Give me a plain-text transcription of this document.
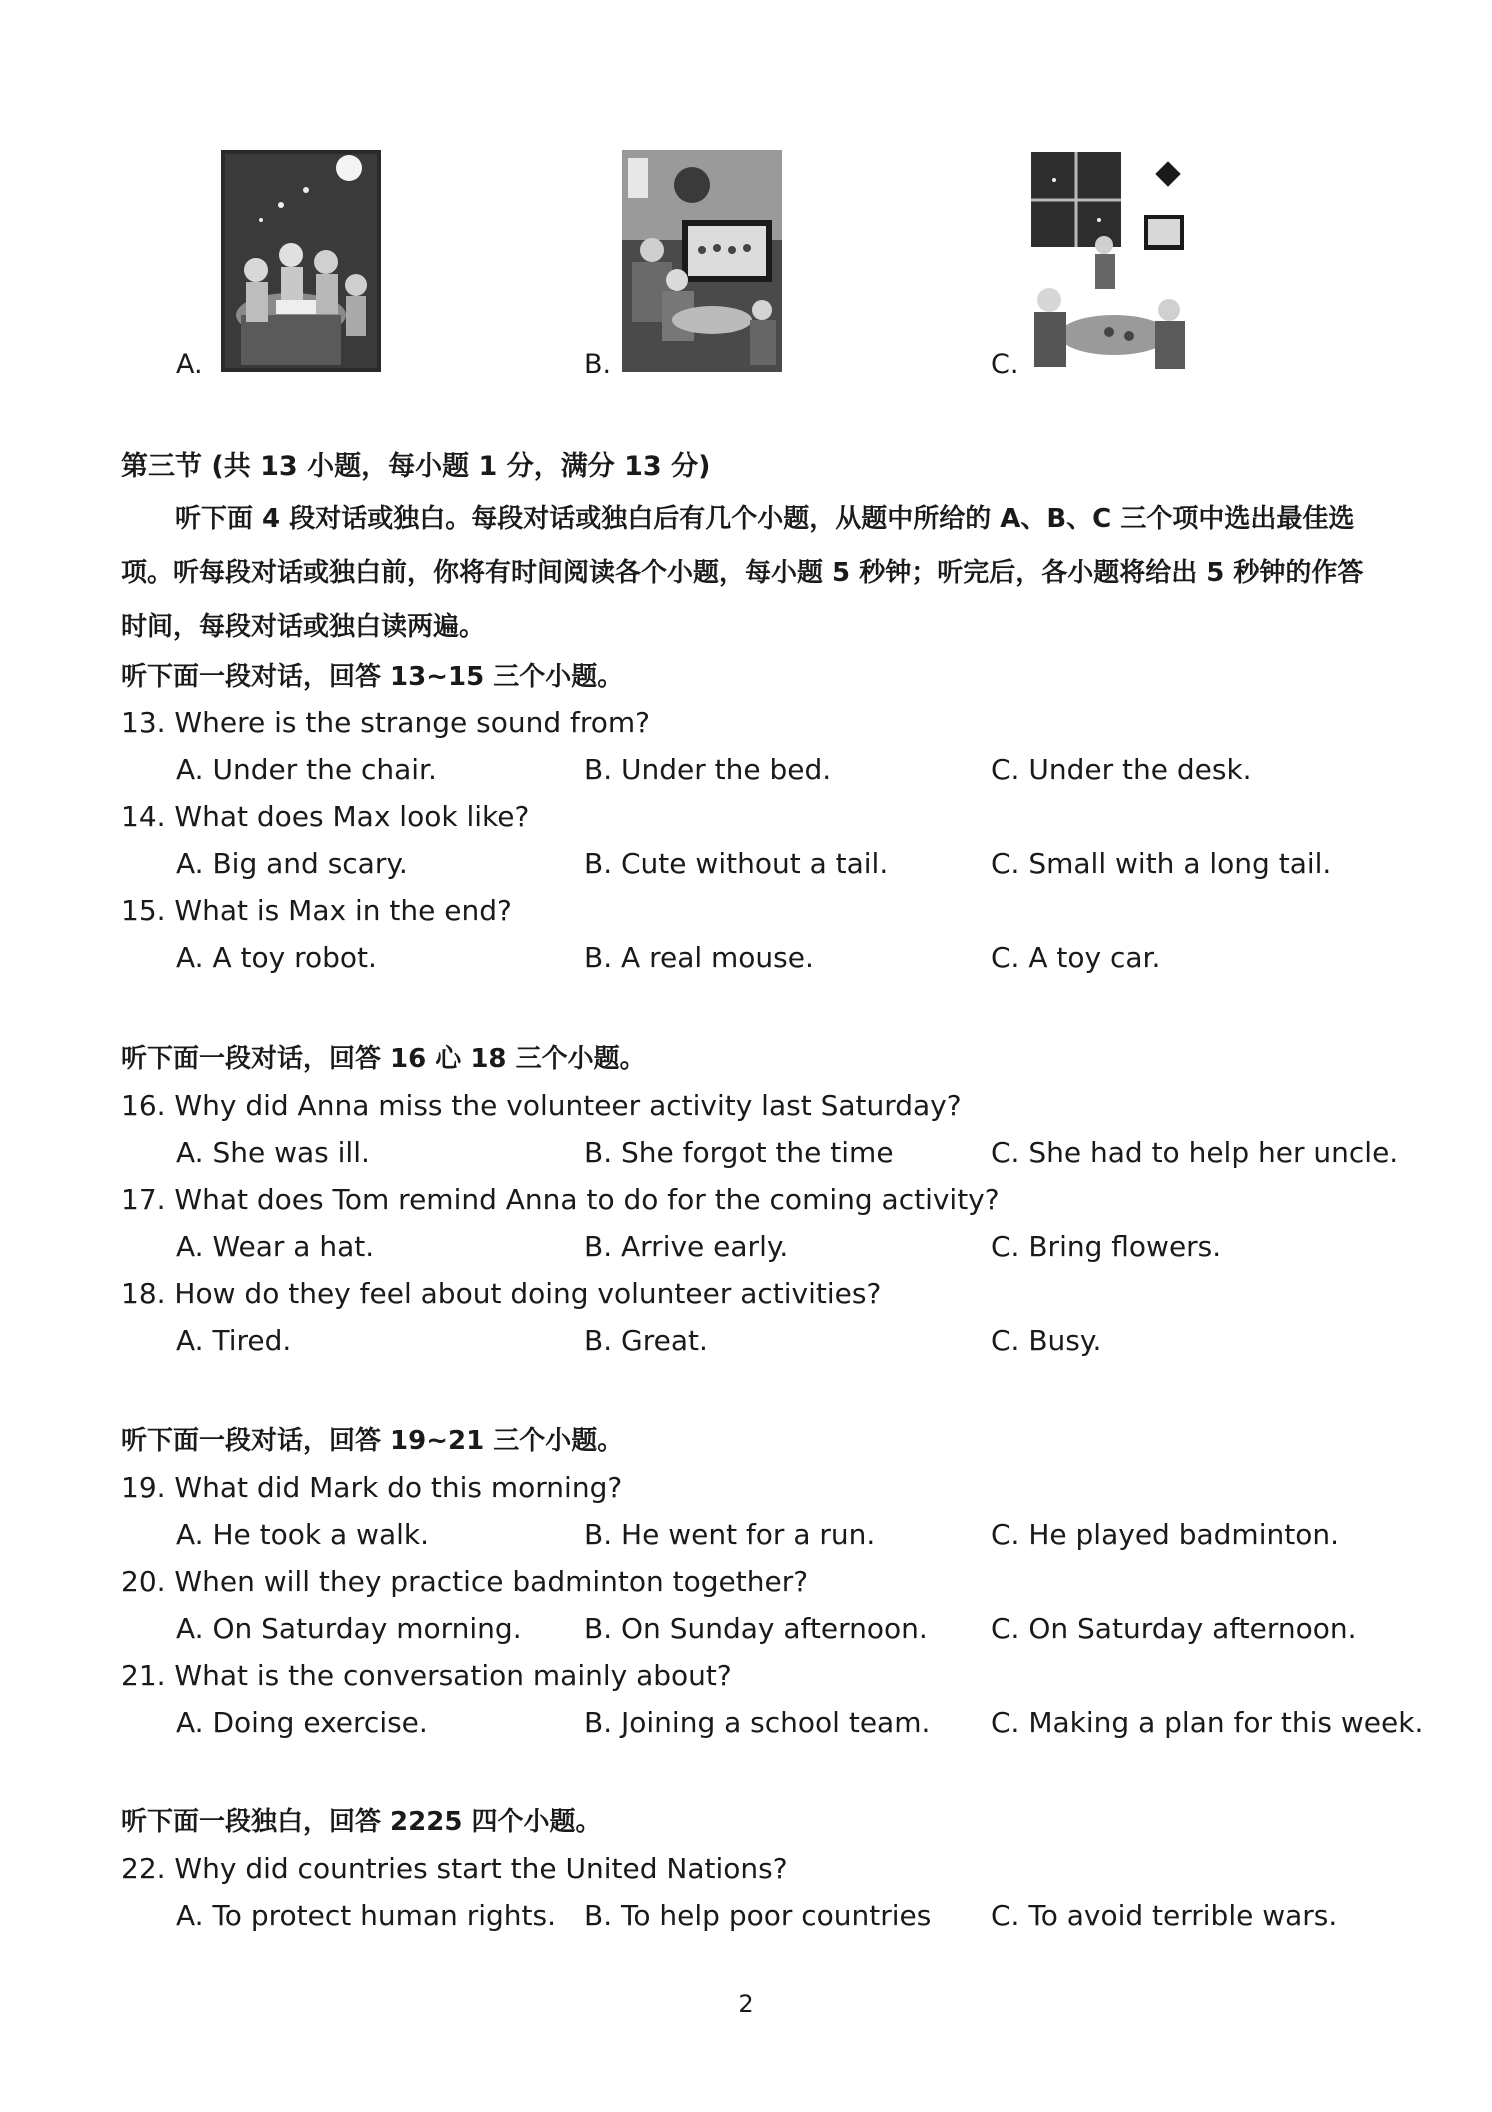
A.	B.	C.
第三节 (共 13 小题，每小题 1 分，满分 13 分)
听下面 4 段对话或独白。每段对话或独白后有几个小题，从题中所给的 A、B、C 三个项中选出最佳选项。听每段对话或独白前，你将有时间阅读各个小题，每小题 5 秒钟；听完后，各小题将给出 5 秒钟的作答时间，每段对话或独白读两遍。
听下面一段对话，回答 13~15 三个小题。
13. Where is the strange sound from?
A. Under the chair.	B. Under the bed.	C. Under the desk.
14. What does Max look like?
A. Big and scary.	B. Cute without a tail.	C. Small with a long tail.
15. What is Max in the end?
A. A toy robot.	B. A real mouse.	C. A toy car.
听下面一段对话，回答 16 心 18 三个小题。
16. Why did Anna miss the volunteer activity last Saturday?
A. She was ill.	B. She forgot the time	C. She had to help her uncle.
17. What does Tom remind Anna to do for the coming activity?
A. Wear a hat.	B. Arrive early.	C. Bring flowers.
18. How do they feel about doing volunteer activities?
A. Tired.	B. Great.	C. Busy.
听下面一段对话，回答 19~21 三个小题。
19. What did Mark do this morning?
A. He took a walk.	B. He went for a run.	C. He played badminton.
20. When will they practice badminton together?
A. On Saturday morning. B. On Sunday afternoon. C. On Saturday afternoon.
21. What is the conversation mainly about?
A. Doing exercise.	B. Joining a school team. C. Making a plan for this week.
听下面一段独白，回答 2225 四个小题。
22. Why did countries start the United Nations?
A. To protect human rights. B. To help poor countries C. To avoid terrible wars.
2
